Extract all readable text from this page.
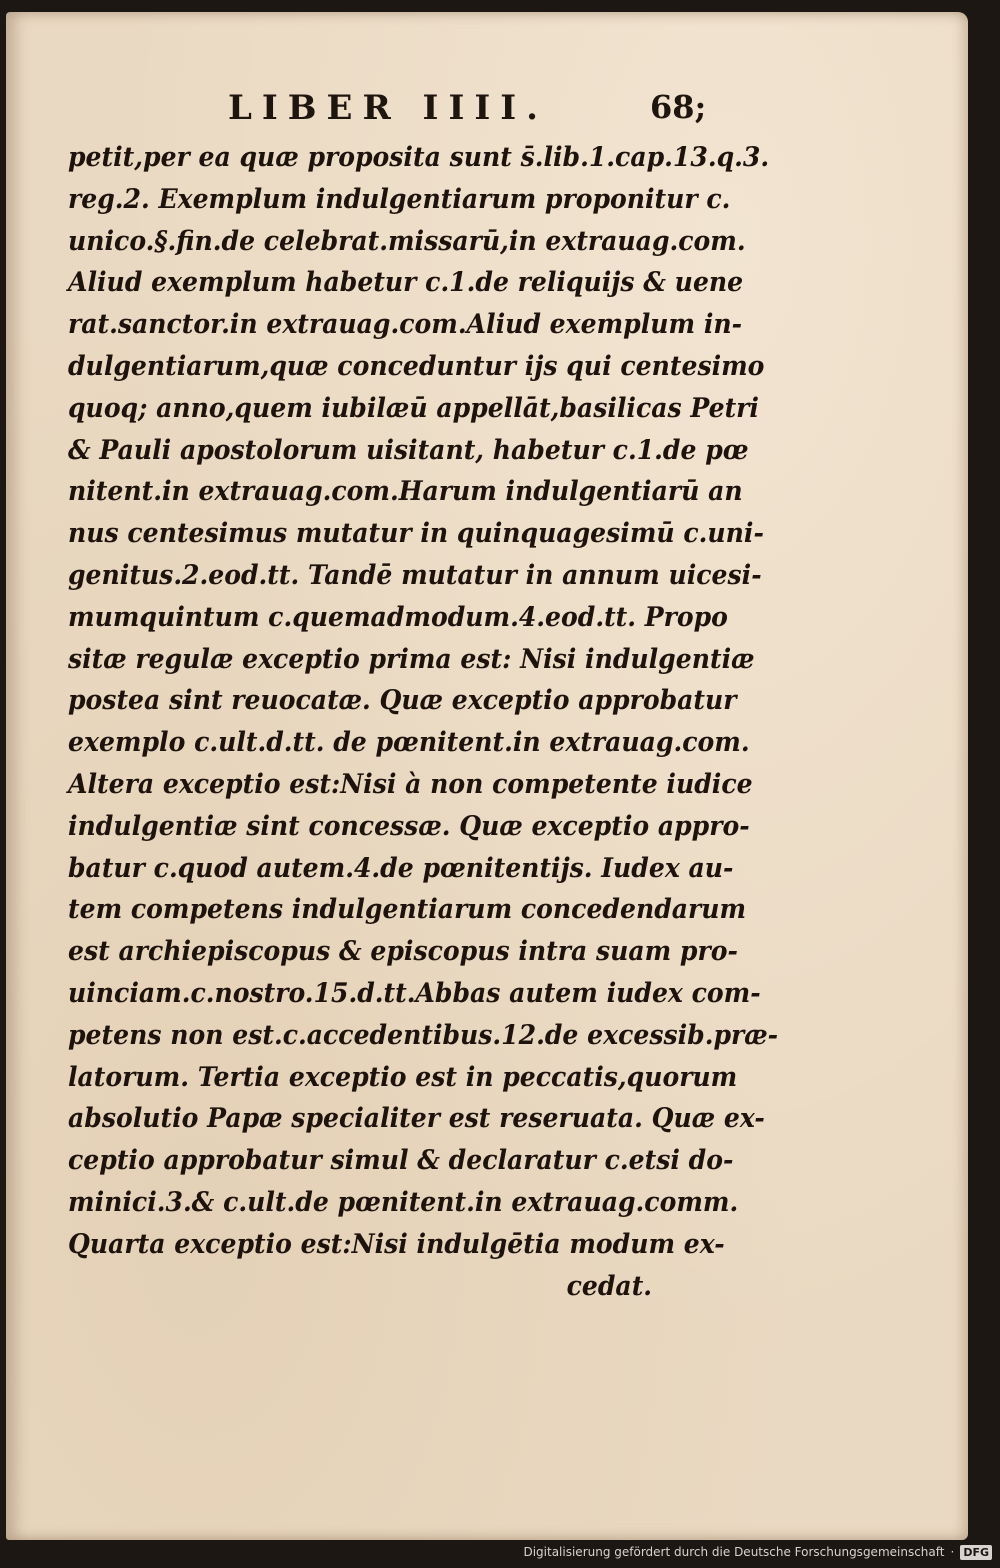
LIBER IIII.	68;
petit,per ea quæ proposita sunt s̄.lib.1.cap.13.q.3.
reg.2. Exemplum indulgentiarum proponitur c.
unico.§.fin.de celebrat.missarū,in extrauag.com.
Aliud exemplum habetur c.1.de reliquijs & uene
rat.sanctor.in extrauag.com.Aliud exemplum in-
dulgentiarum,quæ conceduntur ijs qui centesimo
quoq; anno,quem iubilæū appellāt,basilicas Petri
& Pauli apostolorum uisitant, habetur c.1.de pœ
nitent.in extrauag.com.Harum indulgentiarū an
nus centesimus mutatur in quinquagesimū c.uni-
genitus.2.eod.tt. Tandē mutatur in annum uicesi-
mumquintum c.quemadmodum.4.eod.tt. Propo
sitæ regulæ exceptio prima est: Nisi indulgentiæ
postea sint reuocatæ. Quæ exceptio approbatur
exemplo c.ult.d.tt. de pœnitent.in extrauag.com.
Altera exceptio est:Nisi à non competente iudice
indulgentiæ sint concessæ. Quæ exceptio appro-
batur c.quod autem.4.de pœnitentijs. Iudex au-
tem competens indulgentiarum concedendarum
est archiepiscopus & episcopus intra suam pro-
uinciam.c.nostro.15.d.tt.Abbas autem iudex com-
petens non est.c.accedentibus.12.de excessib.præ-
latorum. Tertia exceptio est in peccatis,quorum
absolutio Papæ specialiter est reseruata. Quæ ex-
ceptio approbatur simul & declaratur c.etsi do-
minici.3.& c.ult.de pœnitent.in extrauag.comm.
Quarta exceptio est:Nisi indulgētia modum ex-
cedat.
Digitalisierung gefördert durch die Deutsche Forschungsgemeinschaft · DFG
